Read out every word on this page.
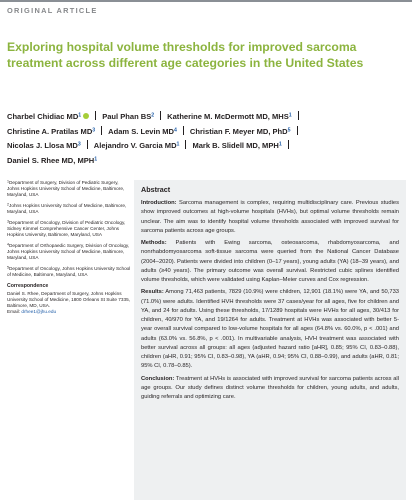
ORIGINAL ARTICLE
Exploring hospital volume thresholds for improved sarcoma treatment across different age categories in the United States
Charbel Chidiac $MD^1$	Paul Phan $BS^2$ Katherine M. McDermott MD, MHS$^1$
Christine A. Pratilas $MD^3$ Adam S. Levin $MD^4$ Christian F. Meyer MD, PhD$^5$
Nicolas J. Llosa $MD^3$ Alejandro V. Garcia $MD^1$ Mark B. Slidell MD, MPH$^1$
Daniel S. Rhee MD, MPH$^1$
$^1$Department of Surgery, Division of Pediatric Surgery, Johns Hopkins University School of Medicine, Baltimore, Maryland, USA
$^2$Johns Hopkins University School of Medicine, Baltimore, Maryland, USA
$^3$Department of Oncology, Division of Pediatric Oncology, Sidney Kimmel Comprehensive Cancer Center, Johns Hopkins University, Baltimore, Maryland, USA
$^4$Department of Orthopaedic Surgery, Division of Oncology, Johns Hopkins University School of Medicine, Baltimore, Maryland, USA
$^5$Department of Oncology, Johns Hopkins University School of Medicine, Baltimore, Maryland, USA
Correspondence
Daniel S. Rhee, Department of Surgery, Johns Hopkins University School of Medicine, 1800 Orleans St Suite 7335, Baltimore, MD, USA.
Email: drhee1@jhu.edu
Abstract

Introduction: Sarcoma management is complex, requiring multidisciplinary care. Previous studies show improved outcomes at high-volume hospitals (HVHs), but optimal volume thresholds remain unclear. The aim was to identify hospital volume thresholds associated with improved survival for sarcoma patients across age groups.

Methods: Patients with Ewing sarcoma, osteosarcoma, rhabdomyosarcoma, and nonrhabdomyosarcoma soft-tissue sarcoma were queried from the National Cancer Database (2004–2020). Patients were divided into children (0–17 years), young adults (YA) (18–39 years), and adults (≥40 years). The primary outcome was overall survival. Restricted cubic splines identified volume thresholds, which were validated using Kaplan–Meier curves and Cox regression.

Results: Among 71,463 patients, 7829 (10.9%) were children, 12,901 (18.1%) were YA, and 50,733 (71.0%) were adults. Identified HVH thresholds were 37 cases/year for all ages, five for children and YA, and 24 for adults. Using these thresholds, 17/1289 hospitals were HVHs for all ages, 30/413 for children, 40/970 for YA, and 19/1264 for adults. Treatment at HVHs was associated with better 5-year overall survival compared to low-volume hospitals for all ages (64.8% vs. 60.0%, p < .001) and adults (63.0% vs. 56.8%, p < .001). In multivariable analysis, HVH treatment was associated with better survival across all groups: all ages (adjusted hazard ratio [aHR], 0.85; 95% CI, 0.83–0.88), children (aHR, 0.91; 95% CI, 0.83–0.98), YA (aHR, 0.94; 95% CI, 0.88–0.99), and adults (aHR, 0.81; 95% CI, 0.78–0.85).

Conclusion: Treatment at HVHs is associated with improved survival for sarcoma patients across all age groups. Our study defines distinct volume thresholds for children, young adults, and adults, guiding referrals and optimizing care.
